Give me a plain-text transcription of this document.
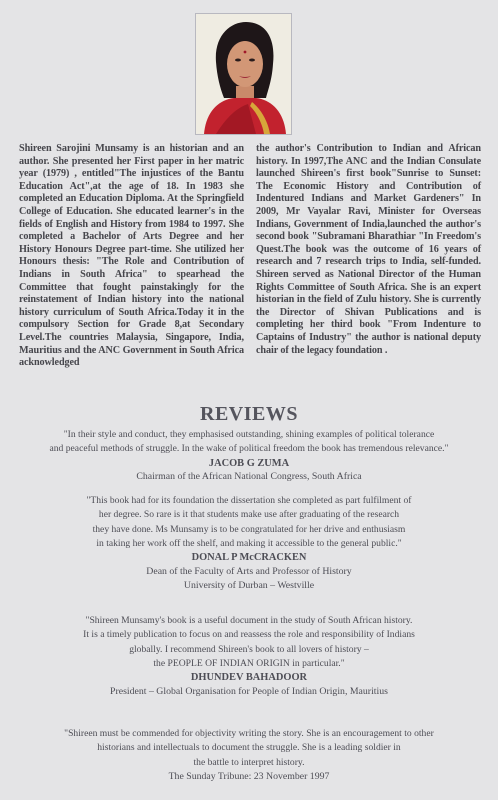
Shireen Sarojini Munsamy is an historian and an author. She presented her First paper in her matric year (1979) , entitled"The injustices of the Bantu Education Act",at the age of 18. In 1983 she completed an Education Diploma. At the Springfield College of Education. She educated learner's in the fields of English and History from 1984 to 1997. She completed a Bachelor of Arts Degree and her History Honours Degree part-time. She utilized her Honours thesis: "The Role and Contribution of Indians in South Africa" to spearhead the Committee that fought painstakingly for the reinstatement of Indian history into the national history curriculum of South Africa.Today it in the compulsory Section for Grade 8,at Secondary Level.The countries Malaysia, Singapore, India, Mauritius and the ANC Government in South Africa acknowledged
the author's Contribution to Indian and African history. In 1997,The ANC and the Indian Consulate launched Shireen's first book"Sunrise to Sunset: The Economic History and Contribution of Indentured Indians and Market Gardeners" In 2009, Mr Vayalar Ravi, Minister for Overseas Indians, Government of India,launched the author's second book "Subramani Bharathiar "In Freedom's Quest.The book was the outcome of 16 years of research and 7 research trips to India, self-funded. Shireen served as National Director of the Human Rights Committee of South Africa. She is an expert historian in the field of Zulu history. She is currently the Director of Shivan Publications and is completing her third book "From Indenture to Captains of Industry" the author is national deputy chair of the legacy foundation .
REVIEWS
"In their style and conduct, they emphasised outstanding, shining examples of political tolerance
and peaceful methods of struggle. In the wake of political freedom the book has tremendous relevance."
JACOB G ZUMA
Chairman of the African National Congress, South Africa
"This book had for its foundation the dissertation she completed as part fulfilment of
her degree. So rare is it that students make use after graduating of the research
they have done. Ms Munsamy is to be congratulated for her drive and enthusiasm
in taking her work off the shelf, and making it accessible to the general public."
DONAL P McCRACKEN
Dean of the Faculty of Arts and Professor of History
University of Durban – Westville
"Shireen Munsamy's book is a useful document in the study of South African history.
It is a timely publication to focus on and reassess the role and responsibility of Indians
globally. I recommend Shireen's book to all lovers of history –
the PEOPLE OF INDIAN ORIGIN in particular."
DHUNDEV BAHADOOR
President – Global Organisation for People of Indian Origin, Mauritius
"Shireen must be commended for objectivity writing the story. She is an encouragement to other
historians and intellectuals to document the struggle. She is a leading soldier in
the battle to interpret history.
The Sunday Tribune: 23 November 1997
